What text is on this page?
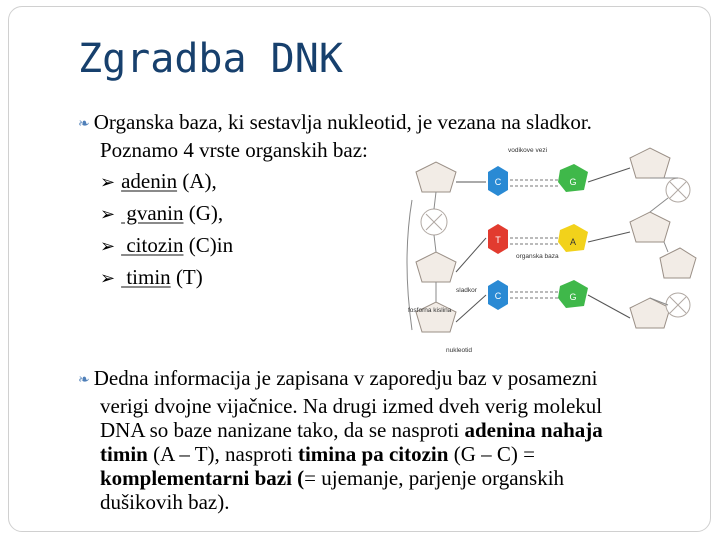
Zgradba DNK
❧ Organska baza, ki sestavlja nukleotid, je vezana na sladkor.
Poznamo 4 vrste organskih baz:
➢ adenin (A),
➢ gvanin (G),
➢ citozin (C)in
➢ timin (T)
C
T
C
G
A
G
vodikove vezi
organska baza
sladkor
fosforna kislina
nukleotid
❧ Dedna informacija je zapisana v zaporedju baz v posamezni
verigi dvojne vijačnice. Na drugi izmed dveh verig molekul
DNA so baze nanizane tako, da se nasproti adenina nahaja
timin (A – T), nasproti timina pa citozin (G – C) =
komplementarni bazi (= ujemanje, parjenje organskih
dušikovih baz).
